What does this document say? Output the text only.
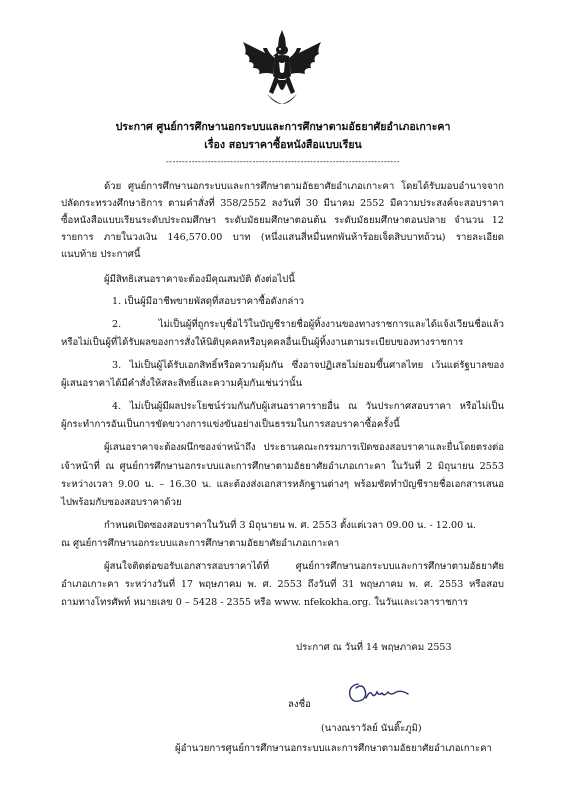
ประกาศ ศูนย์การศึกษานอกระบบและการศึกษาตามอัธยาศัยอำเภอเกาะคา
เรื่อง สอบราคาซื้อหนังสือแบบเรียน
-------------------------------------------------------------------------
ด้วย ศูนย์การศึกษานอกระบบและการศึกษาตามอัธยาศัยอำเภอเกาะคา โดยได้รับมอบอำนาจจาก
ปลัดกระทรวงศึกษาธิการ ตามคำสั่งที่ 358/2552 ลงวันที่ 30 มีนาคม 2552 มีความประสงค์จะสอบราคา
ซื้อหนังสือแบบเรียนระดับประถมศึกษา ระดับมัธยมศึกษาตอนต้น ระดับมัธยมศึกษาตอนปลาย จำนวน 12
รายการ ภายในวงเงิน 146,570.00 บาท (หนึ่งแสนสี่หมื่นหกพันห้าร้อยเจ็ดสิบบาทถ้วน) รายละเอียด
แนบท้าย ประกาศนี้
ผู้มีสิทธิเสนอราคาจะต้องมีคุณสมบัติ ดังต่อไปนี้
1. เป็นผู้มีอาชีพขายพัสดุที่สอบราคาซื้อดังกล่าว
2. ไม่เป็นผู้ที่ถูกระบุชื่อไว้ในบัญชีรายชื่อผู้ทิ้งงานของทางราชการและได้แจ้งเวียนชื่อแล้ว
หรือไม่เป็นผู้ที่ได้รับผลของการสั่งให้นิติบุคคลหรือบุคคลอื่นเป็นผู้ทิ้งงานตามระเบียบของทางราชการ
3. ไม่เป็นผู้ได้รับเอกสิทธิ์หรือความคุ้มกัน ซึ่งอาจปฏิเสธไม่ยอมขึ้นศาลไทย เว้นแต่รัฐบาลของ
ผู้เสนอราคาได้มีคำสั่งให้สละสิทธิ์และความคุ้มกันเช่นว่านั้น
4. ไม่เป็นผู้มีผลประโยชน์ร่วมกันกับผู้เสนอราคารายอื่น ณ วันประกาศสอบราคา หรือไม่เป็น
ผู้กระทำการอันเป็นการขัดขวางการแข่งขันอย่างเป็นธรรมในการสอบราคาซื้อครั้งนี้
ผู้เสนอราคาจะต้องผนึกซองจ่าหน้าถึง ประธานคณะกรรมการเปิดซองสอบราคาและยื่นโดยตรงต่อ
เจ้าหน้าที่ ณ ศูนย์การศึกษานอกระบบและการศึกษาตามอัธยาศัยอำเภอเกาะคา ในวันที่ 2 มิถุนายน 2553
ระหว่างเวลา 9.00 น. – 16.30 น. และต้องส่งเอกสารหลักฐานต่างๆ พร้อมซัดทำบัญชีรายชื่อเอกสารเสนอ
ไปพร้อมกับซองสอบราคาด้วย
กำหนดเปิดซองสอบราคาในวันที่ 3 มิถุนายน พ. ศ. 2553 ตั้งแต่เวลา 09.00 น. - 12.00 น.
ณ ศูนย์การศึกษานอกระบบและการศึกษาตามอัธยาศัยอำเภอเกาะคา
ผู้สนใจติดต่อขอรับเอกสารสอบราคาได้ที่ ศูนย์การศึกษานอกระบบและการศึกษาตามอัธยาศัย
อำเภอเกาะคา ระหว่างวันที่ 17 พฤษภาคม พ. ศ. 2553 ถึงวันที่ 31 พฤษภาคม พ. ศ. 2553 หรือสอบ
ถามทางโทรศัพท์ หมายเลข 0 – 5428 - 2355 หรือ www. nfekokha.org. ในวันและเวลาราชการ
ประกาศ ณ วันที่ 14 พฤษภาคม 2553
ลงชื่อ
(นางณราวัลย์ นันติ๊ะภูมิ)
ผู้อำนวยการศูนย์การศึกษานอกระบบและการศึกษาตามอัธยาศัยอำเภอเกาะคา
